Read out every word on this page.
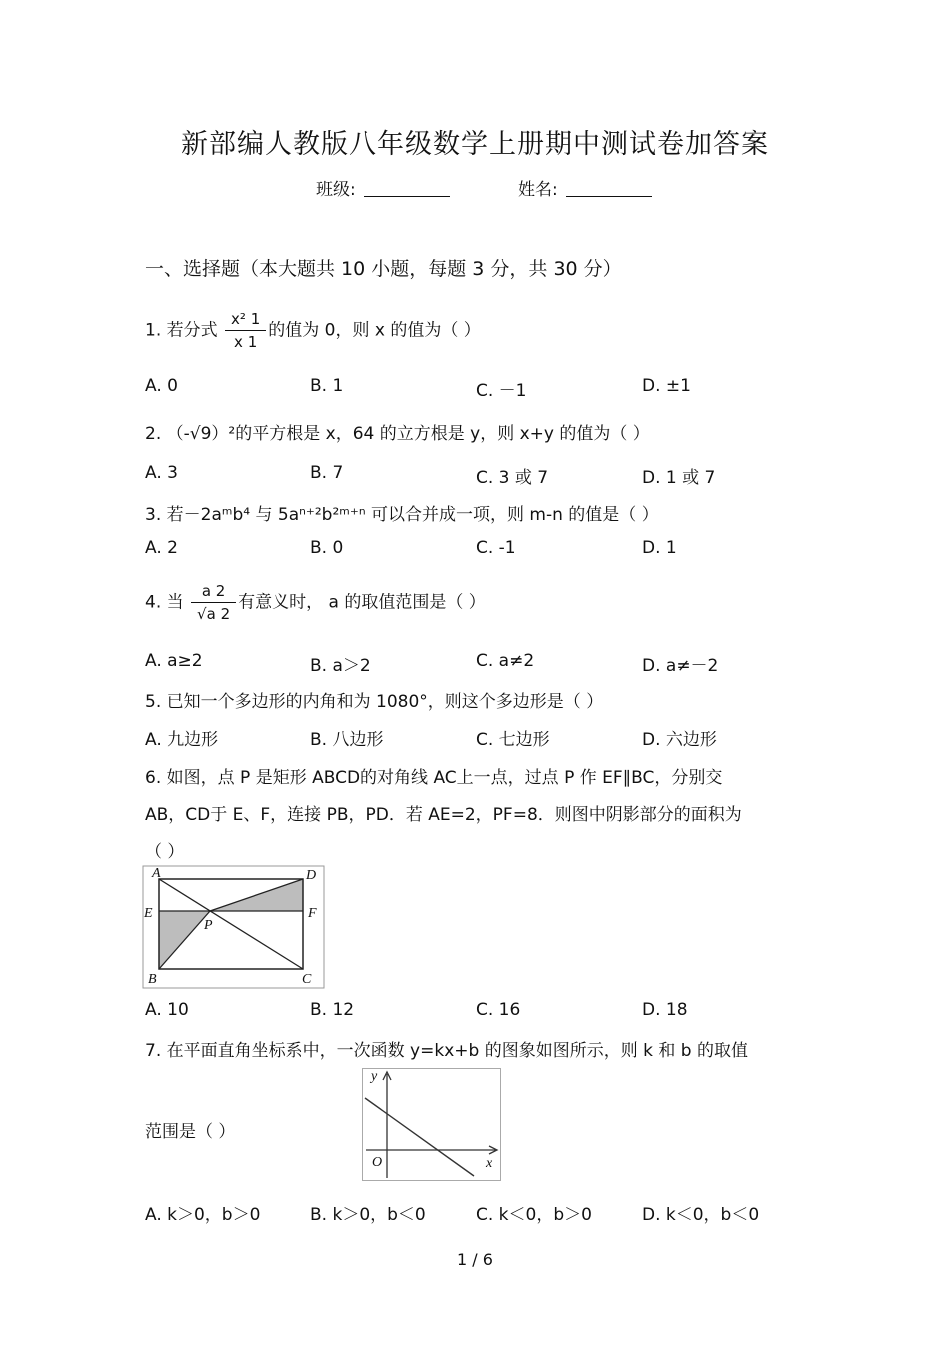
新部编人教版八年级数学上册期中测试卷加答案
班级:	姓名:
一、选择题（本大题共 10 小题，每题 3 分，共 30 分）
1. 若分式 $\frac{\text{x² 1}}{x 1}$ 的值为 0，则 x 的值为（ ）
A. 0	B. 1	C. －1	D. ±1
2. （-√9）²的平方根是 x，64 的立方根是 y，则 x+y 的值为（ ）
A. 3	B. 7	C. 3 或 7	D. 1 或 7
3. 若－2aᵐb⁴ 与 5aⁿ⁺²b²ᵐ⁺ⁿ 可以合并成一项，则 m-n 的值是（ ）
A. 2	B. 0	C. -1	D. 1
4. 当 $\frac{a 2}{√a 2}$ 有意义时， a 的取值范围是（ ）
A. a≥2	B. a＞2	C. a≠2	D. a≠－2
5. 已知一个多边形的内角和为 1080°，则这个多边形是（ ）
A. 九边形	B. 八边形	C. 七边形	D. 六边形
6. 如图，点 P 是矩形 ABCD的对角线 AC上一点，过点 P 作 EF∥BC，分别交
AB，CD于 E、F，连接 PB，PD．若 AE=2，PF=8．则图中阴影部分的面积为
（ ）
A	D
E	F
P
B	C
A. 10	B. 12	C. 16	D. 18
7. 在平面直角坐标系中，一次函数 y=kx+b 的图象如图所示，则 k 和 b 的取值
y
O	x
范围是（ ）
A. k＞0，b＞0	B. k＞0，b＜0	C. k＜0，b＞0	D. k＜0，b＜0
1 / 6
